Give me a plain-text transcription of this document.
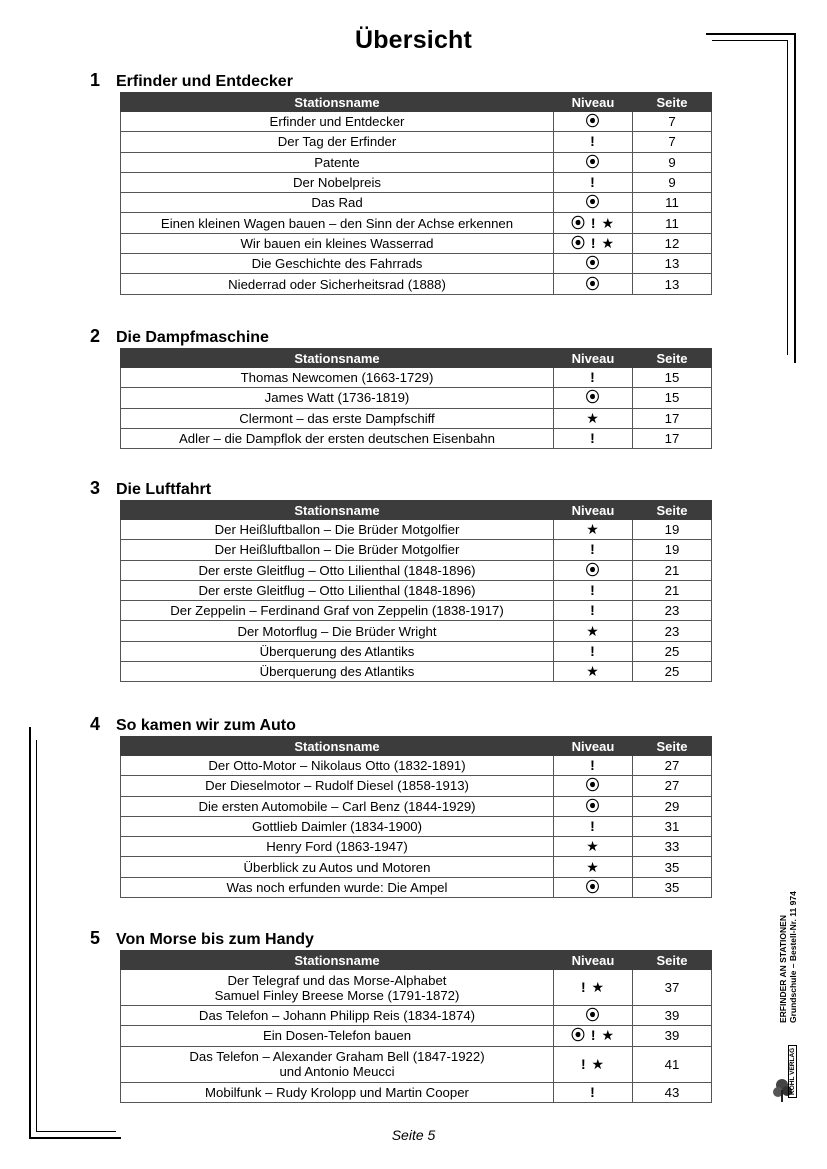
Übersicht
1 Erfinder und Entdecker
Stationsname	Niveau	Seite
Erfinder und Entdecker	⦿	7
Der Tag der Erfinder	!	7
Patente	⦿	9
Der Nobelpreis	!	9
Das Rad	⦿	11
Einen kleinen Wagen bauen – den Sinn der Achse erkennen	⦿ ! ★	11
Wir bauen ein kleines Wasserrad	⦿ ! ★	12
Die Geschichte des Fahrrads	⦿	13
Niederrad oder Sicherheitsrad (1888)	⦿	13
2 Die Dampfmaschine
Stationsname	Niveau	Seite
Thomas Newcomen (1663-1729)	!	15
James Watt (1736-1819)	⦿	15
Clermont – das erste Dampfschiff	★	17
Adler – die Dampflok der ersten deutschen Eisenbahn	!	17
3 Die Luftfahrt
Stationsname	Niveau	Seite
Der Heißluftballon – Die Brüder Motgolfier	★	19
Der Heißluftballon – Die Brüder Motgolfier	!	19
Der erste Gleitflug – Otto Lilienthal (1848-1896)	⦿	21
Der erste Gleitflug – Otto Lilienthal (1848-1896)	!	21
Der Zeppelin – Ferdinand Graf von Zeppelin (1838-1917)	!	23
Der Motorflug – Die Brüder Wright	★	23
Überquerung des Atlantiks	!	25
Überquerung des Atlantiks	★	25
4 So kamen wir zum Auto
Stationsname	Niveau	Seite
Der Otto-Motor – Nikolaus Otto (1832-1891)	!	27
Der Dieselmotor – Rudolf Diesel (1858-1913)	⦿	27
Die ersten Automobile – Carl Benz (1844-1929)	⦿	29
Gottlieb Daimler (1834-1900)	!	31
Henry Ford (1863-1947)	★	33
Überblick zu Autos und Motoren	★	35
Was noch erfunden wurde: Die Ampel	⦿	35
5 Von Morse bis zum Handy
Stationsname	Niveau	Seite

Der Telegraf und das Morse-Alphabet
Samuel Finley Breese Morse (1791-1872)	! ★	37
Das Telefon – Johann Philipp Reis (1834-1874)	⦿	39
Ein Dosen-Telefon bauen	⦿ ! ★	39

Das Telefon – Alexander Graham Bell (1847-1922)
und Antonio Meucci	! ★	41
Mobilfunk – Rudy Krolopp und Martin Cooper	!	43
ERFINDER AN STATIONEN Grundschule – Bestell-Nr. 11 974
KOHL VERLAG
Seite 5
